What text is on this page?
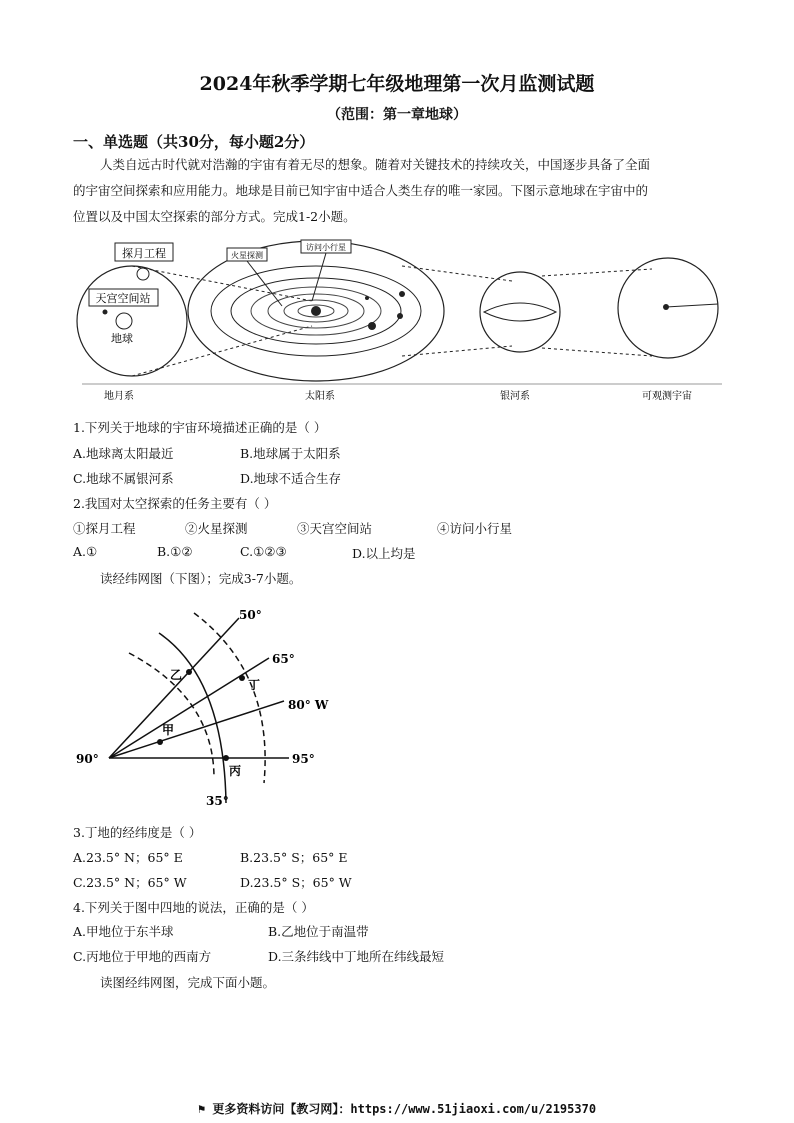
2024年秋季学期七年级地理第一次月监测试题
（范围：第一章地球）
一、单选题（共30分，每小题2分）
人类自远古时代就对浩瀚的宇宙有着无尽的想象。随着对关键技术的持续攻关，中国逐步具备了全面
的宇宙空间探索和应用能力。地球是目前已知宇宙中适合人类生存的唯一家园。下图示意地球在宇宙中的
位置以及中国太空探索的部分方式。完成1-2小题。
探月工程
天宫空间站
地球
火星探测
访问小行星
地月系	太阳系	银河系	可观测宇宙
1.下列关于地球的宇宙环境描述正确的是（ ）
A.地球离太阳最近	B.地球属于太阳系
C.地球不属银河系	D.地球不适合生存
2.我国对太空探索的任务主要有（ ）
①探月工程	②火星探测	③天宫空间站	④访问小行星
A.①	B.①②	C.①②③	D.以上均是
读经纬网图（下图）；完成3-7小题。
50°
65°
80° W
95°
90°
35°
乙
丁
甲
丙
3.丁地的经纬度是（ ）
A.23.5° N；65° E	B.23.5° S；65° E
C.23.5° N；65° W	D.23.5° S；65° W
4.下列关于图中四地的说法，正确的是（ ）
A.甲地位于东半球	B.乙地位于南温带
C.丙地位于甲地的西南方	D.三条纬线中丁地所在纬线最短
读图经纬网图，完成下面小题。
⚑ 更多资料访问【教习网】：https://www.51jiaoxi.com/u/2195370
